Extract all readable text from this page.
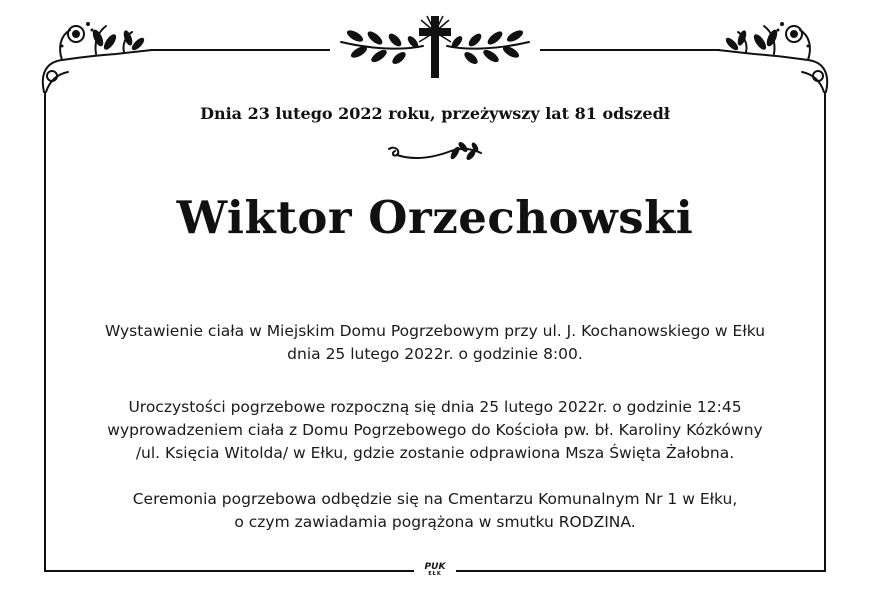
Dnia 23 lutego 2022 roku, przeżywszy lat 81 odszedł
Wiktor Orzechowski
Wystawienie ciała w Miejskim Domu Pogrzebowym przy ul. J. Kochanowskiego w Ełku
dnia 25 lutego 2022r. o godzinie 8:00.
Uroczystości pogrzebowe rozpoczną się dnia 25 lutego 2022r. o godzinie 12:45
wyprowadzeniem ciała z Domu Pogrzebowego do Kościoła pw. bł. Karoliny Kózkówny
/ul. Księcia Witolda/ w Ełku, gdzie zostanie odprawiona Msza Święta Żałobna.
Ceremonia pogrzebowa odbędzie się na Cmentarzu Komunalnym Nr 1 w Ełku,
o czym zawiadamia pogrążona w smutku RODZINA.
PUK
EŁK
